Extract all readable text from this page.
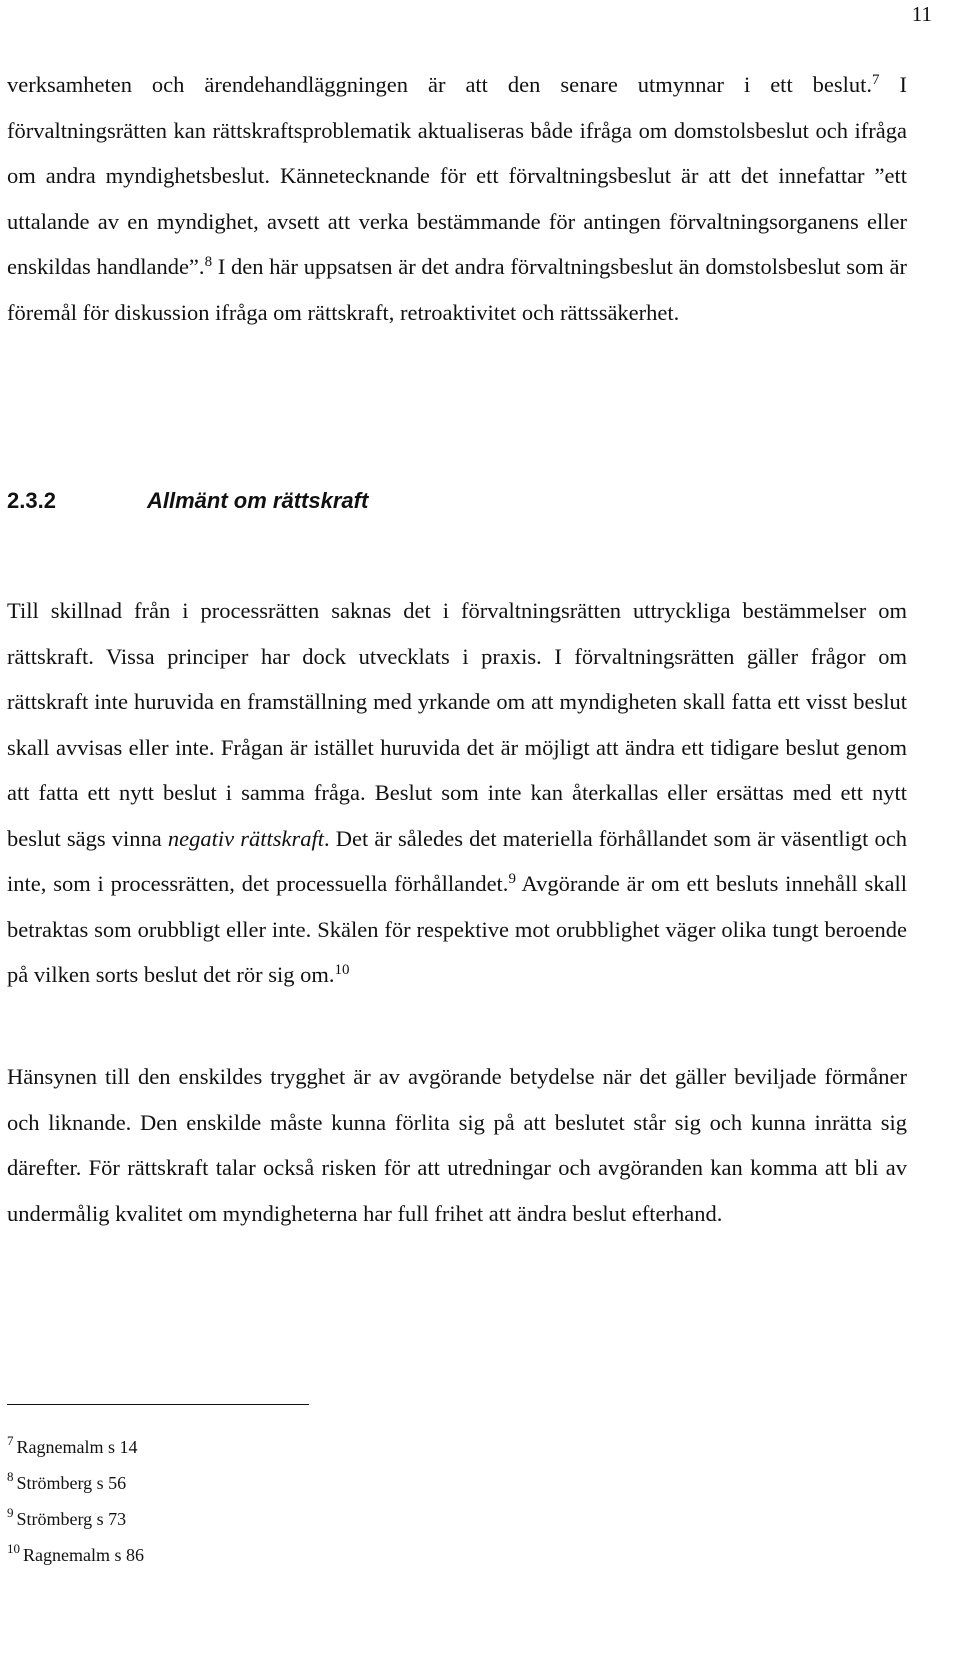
11

verksamheten och ärendehandläggningen är att den senare utmynnar i ett beslut.$^7$ I förvaltningsrätten kan rättskraftsproblematik aktualiseras både ifråga om domstolsbeslut och ifråga om andra myndighetsbeslut. Kännetecknande för ett förvaltningsbeslut är att det innefattar ”ett uttalande av en myndighet, avsett att verka bestämmande för antingen förvaltningsorganens eller enskildas handlande”.$^8$ I den här uppsatsen är det andra förvaltningsbeslut än domstolsbeslut som är föremål för diskussion ifråga om rättskraft, retroaktivitet och rättssäkerhet.

2.3.2	Allmänt om rättskraft

Till skillnad från i processrätten saknas det i förvaltningsrätten uttryckliga bestämmelser om rättskraft. Vissa principer har dock utvecklats i praxis. I förvaltningsrätten gäller frågor om rättskraft inte huruvida en framställning med yrkande om att myndigheten skall fatta ett visst beslut skall avvisas eller inte. Frågan är istället huruvida det är möjligt att ändra ett tidigare beslut genom att fatta ett nytt beslut i samma fråga. Beslut som inte kan återkallas eller ersättas med ett nytt beslut sägs vinna negativ rättskraft. Det är således det materiella förhållandet som är väsentligt och inte, som i processrätten, det processuella förhållandet.$^9$ Avgörande är om ett besluts innehåll skall betraktas som orubbligt eller inte. Skälen för respektive mot orubblighet väger olika tungt beroende på vilken sorts beslut det rör sig om.$^{10}$

Hänsynen till den enskildes trygghet är av avgörande betydelse när det gäller beviljade förmåner och liknande. Den enskilde måste kunna förlita sig på att beslutet står sig och kunna inrätta sig därefter. För rättskraft talar också risken för att utredningar och avgöranden kan komma att bli av undermålig kvalitet om myndigheterna har full frihet att ändra beslut efterhand.

$^7$ Ragnemalm s 14
$^8$ Strömberg s 56
$^9$ Strömberg s 73
$^{10}$ Ragnemalm s 86
